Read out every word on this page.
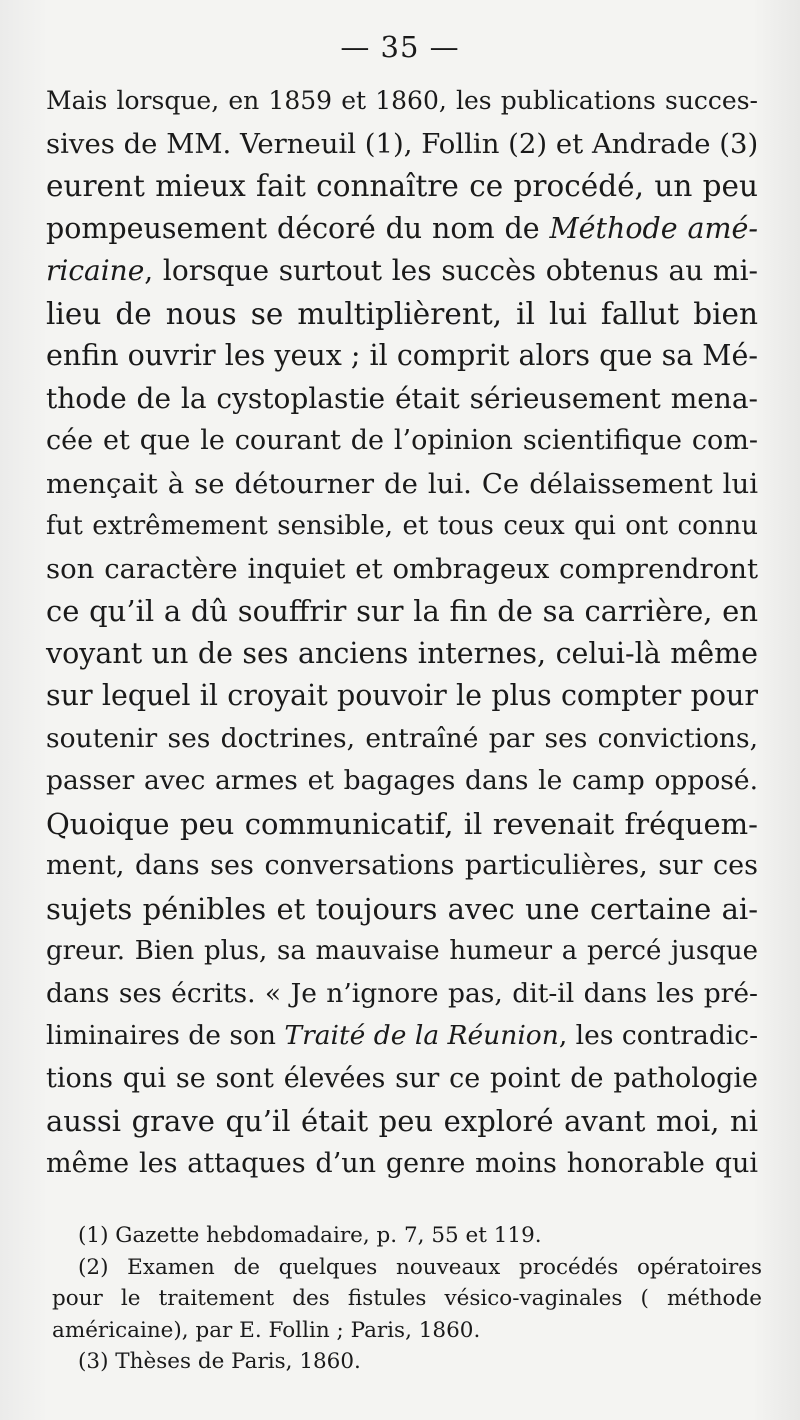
— 35 —
Mais lorsque, en 1859 et 1860, les publications succes-
sives de MM. Verneuil (1), Follin (2) et Andrade (3)
eurent mieux fait connaître ce procédé, un peu
pompeusement décoré du nom de Méthode amé-
ricaine, lorsque surtout les succès obtenus au mi-
lieu de nous se multiplièrent, il lui fallut bien
enfin ouvrir les yeux ; il comprit alors que sa Mé-
thode de la cystoplastie était sérieusement mena-
cée et que le courant de l’opinion scientifique com-
mençait à se détourner de lui. Ce délaissement lui
fut extrêmement sensible, et tous ceux qui ont connu
son caractère inquiet et ombrageux comprendront
ce qu’il a dû souffrir sur la fin de sa carrière, en
voyant un de ses anciens internes, celui-là même
sur lequel il croyait pouvoir le plus compter pour
soutenir ses doctrines, entraîné par ses convictions,
passer avec armes et bagages dans le camp opposé.
Quoique peu communicatif, il revenait fréquem-
ment, dans ses conversations particulières, sur ces
sujets pénibles et toujours avec une certaine ai-
greur. Bien plus, sa mauvaise humeur a percé jusque
dans ses écrits. « Je n’ignore pas, dit-il dans les pré-
liminaires de son Traité de la Réunion, les contradic-
tions qui se sont élevées sur ce point de pathologie
aussi grave qu’il était peu exploré avant moi, ni
même les attaques d’un genre moins honorable qui
(1) Gazette hebdomadaire, p. 7, 55 et 119.
(2) Examen de quelques nouveaux procédés opératoires
pour le traitement des fistules vésico-vaginales ( méthode
américaine), par E. Follin ; Paris, 1860.
(3) Thèses de Paris, 1860.
